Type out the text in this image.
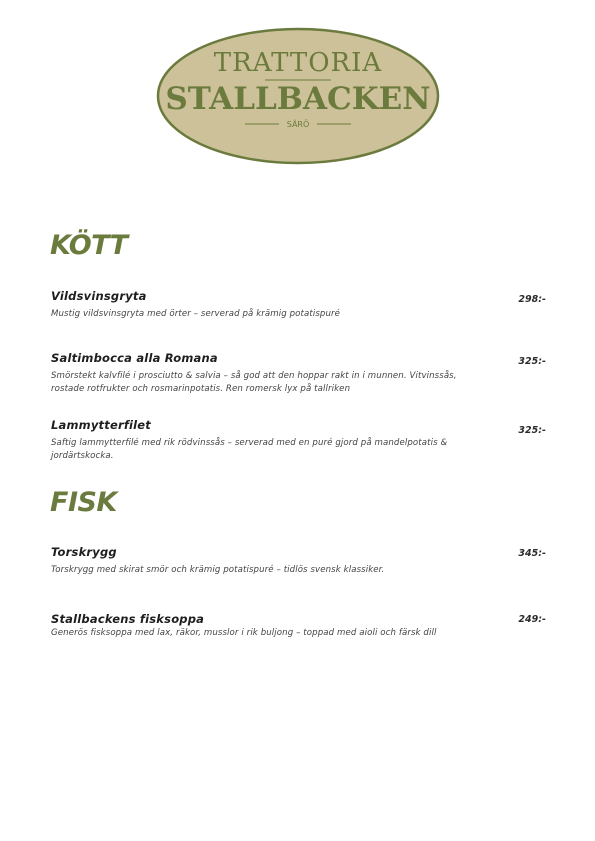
TRATTORIA
STALLBACKEN
SÄRÖ
KÖTT
Vildsvinsgryta	298:-
Mustig vildsvinsgryta med örter – serverad på krämig potatispuré
Saltimbocca alla Romana	325:-
Smörstekt kalvfilé i prosciutto & salvia – så god att den hoppar rakt in i munnen. Vitvinssås, rostade rotfrukter och rosmarinpotatis. Ren romersk lyx på tallriken
Lammytterfilet	325:-
Saftig lammytterfilé med rik rödvinssås – serverad med en puré gjord på mandelpotatis & jordärtskocka.
FISK
Torskrygg	345:-
Torskrygg med skirat smör och krämig potatispuré – tidlös svensk klassiker.
Stallbackens fisksoppa	249:-
Generös fisksoppa med lax, räkor, musslor i rik buljong – toppad med aioli och färsk dill
